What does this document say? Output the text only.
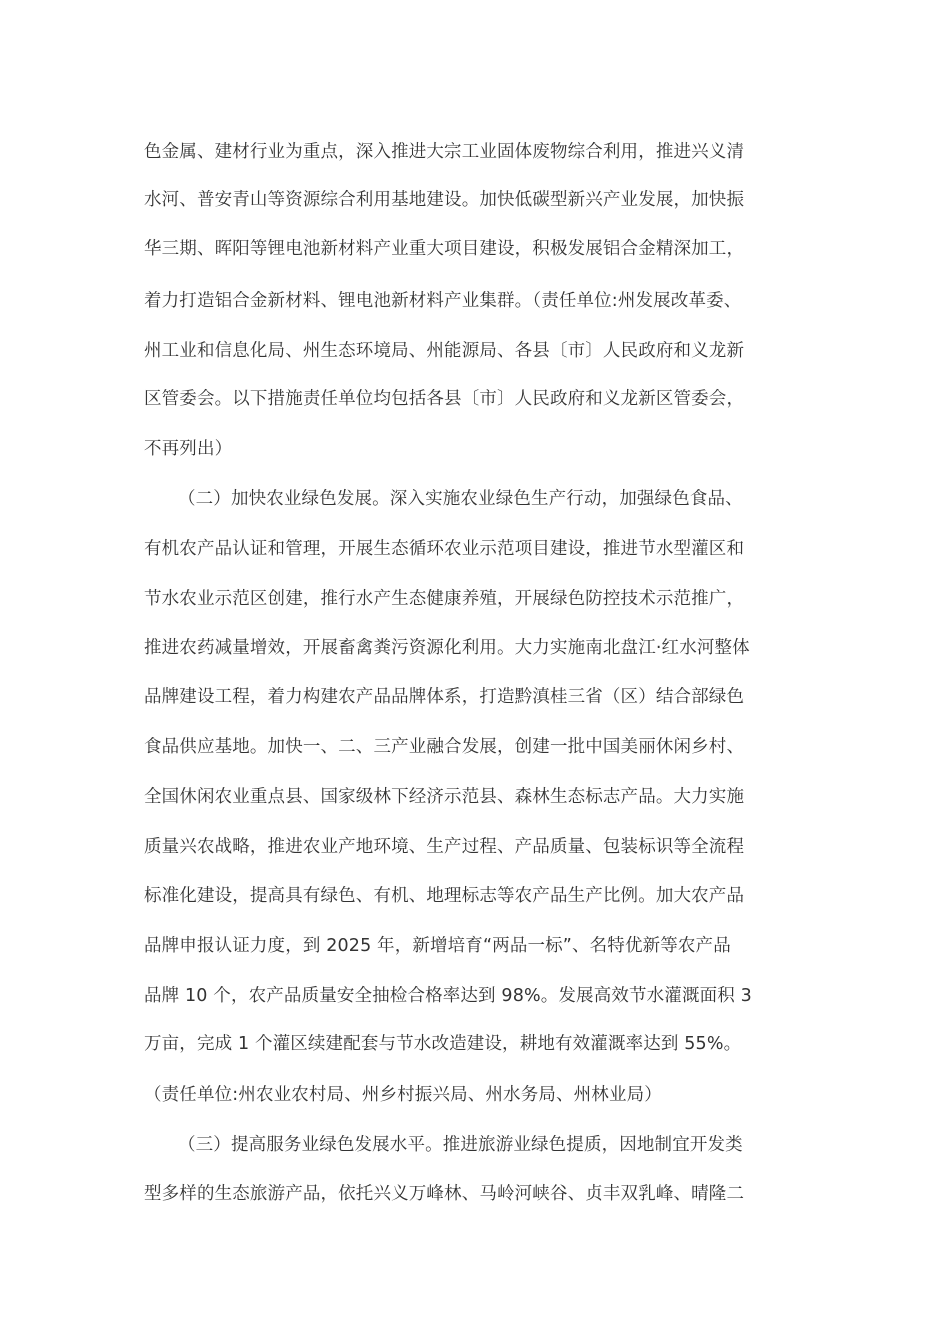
色金属、建材行业为重点，深入推进大宗工业固体废物综合利用，推进兴义清
水河、普安青山等资源综合利用基地建设。加快低碳型新兴产业发展，加快振
华三期、晖阳等锂电池新材料产业重大项目建设，积极发展铝合金精深加工，
着力打造铝合金新材料、锂电池新材料产业集群。（责任单位:州发展改革委、
州工业和信息化局、州生态环境局、州能源局、各县〔市〕人民政府和义龙新
区管委会。以下措施责任单位均包括各县〔市〕人民政府和义龙新区管委会，
不再列出）
（二）加快农业绿色发展。深入实施农业绿色生产行动，加强绿色食品、
有机农产品认证和管理，开展生态循环农业示范项目建设，推进节水型灌区和
节水农业示范区创建，推行水产生态健康养殖，开展绿色防控技术示范推广，
推进农药减量增效，开展畜禽粪污资源化利用。大力实施南北盘江·红水河整体
品牌建设工程，着力构建农产品品牌体系，打造黔滇桂三省（区）结合部绿色
食品供应基地。加快一、二、三产业融合发展，创建一批中国美丽休闲乡村、
全国休闲农业重点县、国家级林下经济示范县、森林生态标志产品。大力实施
质量兴农战略，推进农业产地环境、生产过程、产品质量、包装标识等全流程
标准化建设，提高具有绿色、有机、地理标志等农产品生产比例。加大农产品
品牌申报认证力度，到 2025 年，新增培育“两品一标”、名特优新等农产品
品牌 10 个，农产品质量安全抽检合格率达到 98%。发展高效节水灌溉面积 3
万亩，完成 1 个灌区续建配套与节水改造建设，耕地有效灌溉率达到 55%。
（责任单位:州农业农村局、州乡村振兴局、州水务局、州林业局）
（三）提高服务业绿色发展水平。推进旅游业绿色提质，因地制宜开发类
型多样的生态旅游产品，依托兴义万峰林、马岭河峡谷、贞丰双乳峰、晴隆二
